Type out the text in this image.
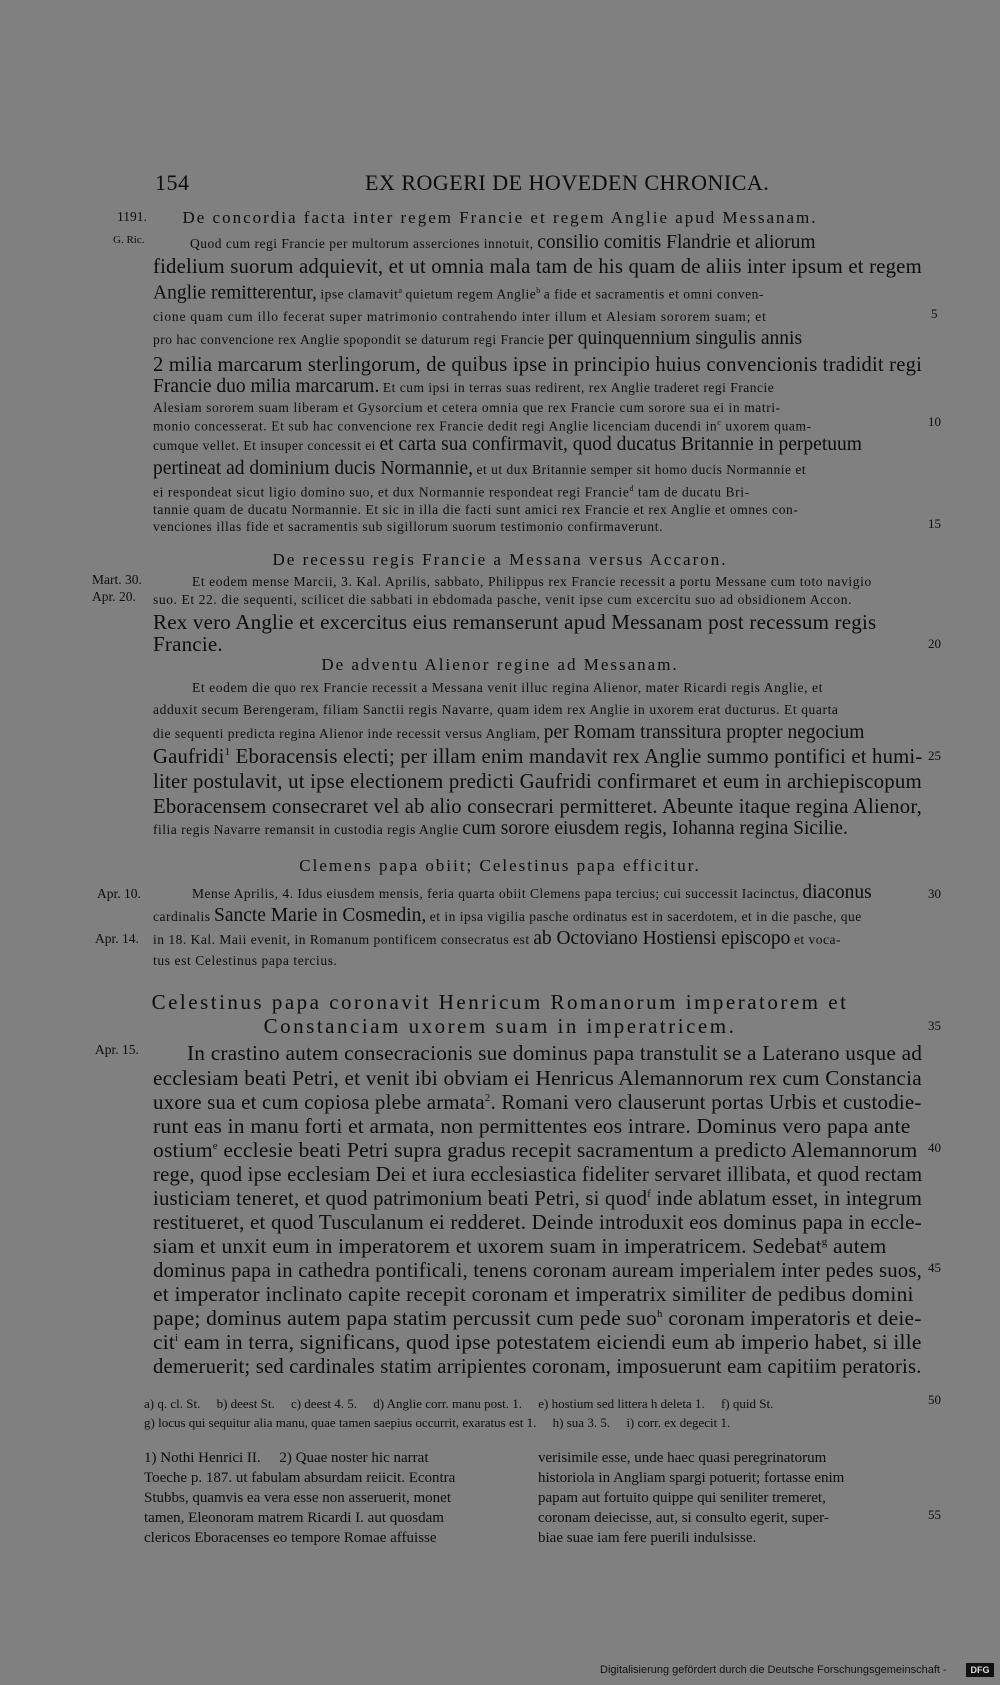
154	EX ROGERI DE HOVEDEN CHRONICA.
1191.
G. Ric.
Mart. 30.
Apr. 20.
Apr. 10.
Apr. 14.
Apr. 15.
5
10
15
20
25
30
35
40
45
50
55
De concordia facta inter regem Francie et regem Anglie apud Messanam.
Quod cum regi Francie per multorum asserciones innotuit, consilio comitis Flandrie et aliorum
fidelium suorum adquievit, et ut omnia mala tam de his quam de aliis inter ipsum et regem
Anglie remitterentur, ipse clamavit$^a$ quietum regem Anglie$^b$ a fide et sacramentis et omni conven-
cione quam cum illo fecerat super matrimonio contrahendo inter illum et Alesiam sororem suam; et
pro hac convencione rex Anglie spopondit se daturum regi Francie per quinquennium singulis annis
2 milia marcarum sterlingorum, de quibus ipse in principio huius convencionis tradidit regi
Francie duo milia marcarum. Et cum ipsi in terras suas redirent, rex Anglie traderet regi Francie
Alesiam sororem suam liberam et Gysorcium et cetera omnia que rex Francie cum sorore sua ei in matri-
monio concesserat. Et sub hac convencione rex Francie dedit regi Anglie licenciam ducendi $in^c$ uxorem quam-
cumque vellet. Et insuper concessit ei et carta sua confirmavit, quod ducatus Britannie in perpetuum
pertineat ad dominium ducis Normannie, et ut dux Britannie semper sit homo ducis Normannie et
ei respondeat sicut ligio domino suo, et dux Normannie respondeat regi Francie$^d$ tam de ducatu Bri-
tannie quam de ducatu Normannie. Et sic in illa die facti sunt amici rex Francie et rex Anglie et omnes con-
venciones illas fide et sacramentis sub sigillorum suorum testimonio confirmaverunt.
De recessu regis Francie a Messana versus Accaron.
Et eodem mense Marcii, 3. Kal. Aprilis, sabbato, Philippus rex Francie recessit a portu Messane cum toto navigio
suo. Et 22. die sequenti, scilicet die sabbati in ebdomada pasche, venit ipse cum excercitu suo ad obsidionem Accon.
Rex vero Anglie et excercitus eius remanserunt apud Messanam post recessum regis
Francie.
De adventu Alienor regine ad Messanam.
Et eodem die quo rex Francie recessit a Messana venit illuc regina Alienor, mater Ricardi regis Anglie, et
adduxit secum Berengeram, filiam Sanctii regis Navarre, quam idem rex Anglie in uxorem erat ducturus. Et quarta
die sequenti predicta regina Alienor inde recessit versus Angliam, per Romam transsitura propter negocium
Gaufridi$^1$ Eboracensis electi; per illam enim mandavit rex Anglie summo pontifici et humi-
liter postulavit, ut ipse electionem predicti Gaufridi confirmaret et eum in archiepiscopum
Eboracensem consecraret vel ab alio consecrari permitteret. Abeunte itaque regina Alienor,
filia regis Navarre remansit in custodia regis Anglie cum sorore eiusdem regis, Iohanna regina Sicilie.
Clemens papa obiit; Celestinus papa efficitur.
Mense Aprilis, 4. Idus eiusdem mensis, feria quarta obiit Clemens papa tercius; cui successit Iacinctus, diaconus
cardinalis Sancte Marie in Cosmedin, et in ipsa vigilia pasche ordinatus est in sacerdotem, et in die pasche, que
in 18. Kal. Maii evenit, in Romanum pontificem consecratus est ab Octoviano Hostiensi episcopo et voca-
tus est Celestinus papa tercius.
Celestinus papa coronavit Henricum Romanorum imperatorem et
Constanciam uxorem suam in imperatricem.
In crastino autem consecracionis sue dominus papa transtulit se a Laterano usque ad
ecclesiam beati Petri, et venit ibi obviam ei Henricus Alemannorum rex cum Constancia
uxore sua et cum copiosa plebe armata$^2$. Romani vero clauserunt portas Urbis et custodie-
runt eas in manu forti et armata, non permittentes eos intrare. Dominus vero papa ante
ostium$^e$ ecclesie beati Petri supra gradus recepit sacramentum a predicto Alemannorum
rege, quod ipse ecclesiam Dei et iura ecclesiastica fideliter servaret illibata, et quod rectam
iusticiam teneret, et quod patrimonium beati Petri, si quod$^f$ inde ablatum esset, in integrum
restitueret, et quod Tusculanum ei redderet. Deinde introduxit eos dominus papa in eccle-
siam et unxit eum in imperatorem et uxorem suam in imperatricem. Sedebat$^g$ autem
dominus papa in cathedra pontificali, tenens coronam auream imperialem inter pedes suos,
et imperator inclinato capite recepit coronam et imperatrix similiter de pedibus domini
pape; dominus autem papa statim percussit cum pede suo$^h$ coronam imperatoris et deie-
cit$^i$ eam in terra, significans, quod ipse potestatem eiciendi eum ab imperio habet, si ille
demeruerit; sed cardinales statim arripientes coronam, imposuerunt eam capitiim peratoris.
a) q. cl. St.     b) deest St.     c) deest 4. 5.     d) Anglie corr. manu post. 1.     e) hostium sed littera h deleta 1.     f) quid St.
g) locus qui sequitur alia manu, quae tamen saepius occurrit, exaratus est 1.     h) sua 3. 5.     i) corr. ex degecit 1.
1) Nothi Henrici II.     2) Quae noster hic narrat
Toeche p. 187. ut fabulam absurdam reiicit. Econtra
Stubbs, quamvis ea vera esse non asseruerit, monet
tamen, Eleonoram matrem Ricardi I. aut quosdam
clericos Eboracenses eo tempore Romae affuisse
verisimile esse, unde haec quasi peregrinatorum
historiola in Angliam spargi potuerit; fortasse enim
papam aut fortuito quippe qui seniliter tremeret,
coronam deiecisse, aut, si consulto egerit, super-
biae suae iam fere puerili indulsisse.
Digitalisierung gefördert durch die Deutsche Forschungsgemeinschaft -	DFG
